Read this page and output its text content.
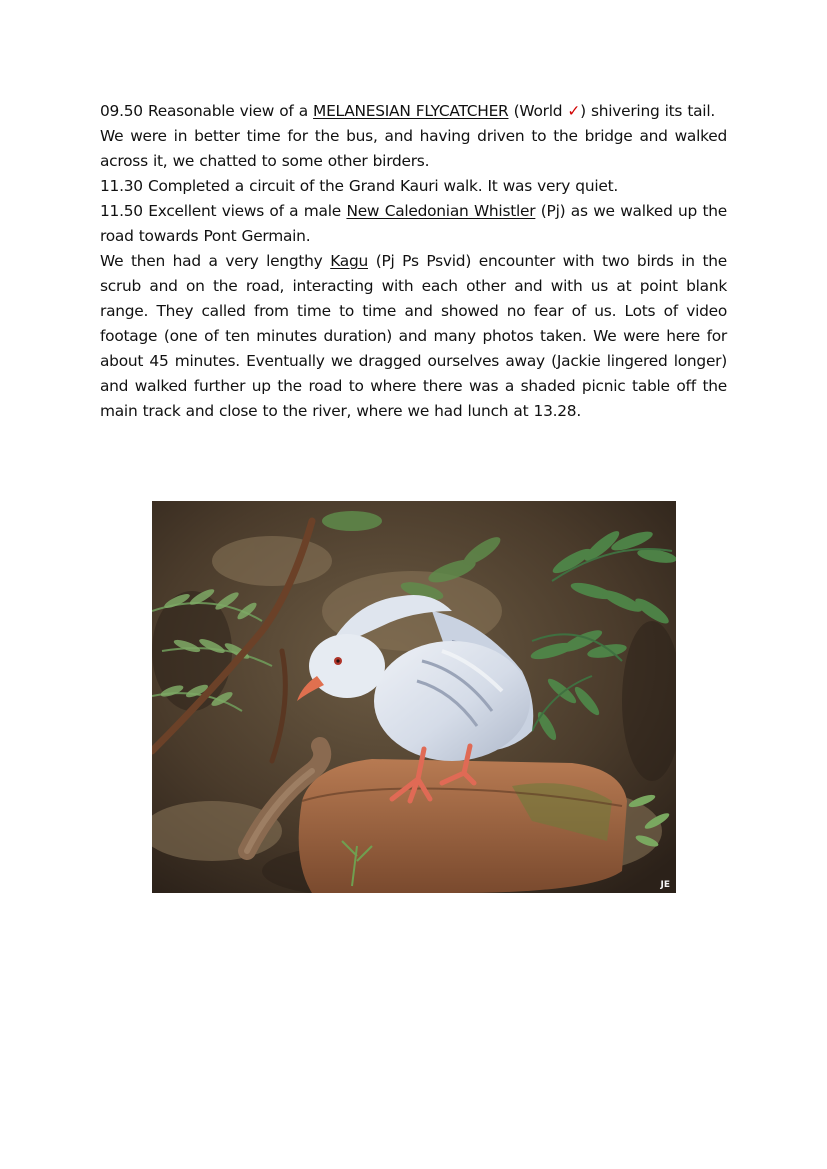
09.50 Reasonable view of a MELANESIAN FLYCATCHER (World ✓) shivering its tail.

We were in better time for the bus, and having driven to the bridge and walked across it, we chatted to some other birders.

11.30 Completed a circuit of the Grand Kauri walk. It was very quiet.

11.50 Excellent views of a male New Caledonian Whistler (Pj) as we walked up the road towards Pont Germain.

We then had a very lengthy Kagu (Pj Ps Psvid) encounter with two birds in the scrub and on the road, interacting with each other and with us at point blank range. They called from time to time and showed no fear of us. Lots of video footage (one of ten minutes duration) and many photos taken. We were here for about 45 minutes. Eventually we dragged ourselves away (Jackie lingered longer) and walked further up the road to where there was a shaded picnic table off the main track and close to the river, where we had lunch at 13.28.

JE
